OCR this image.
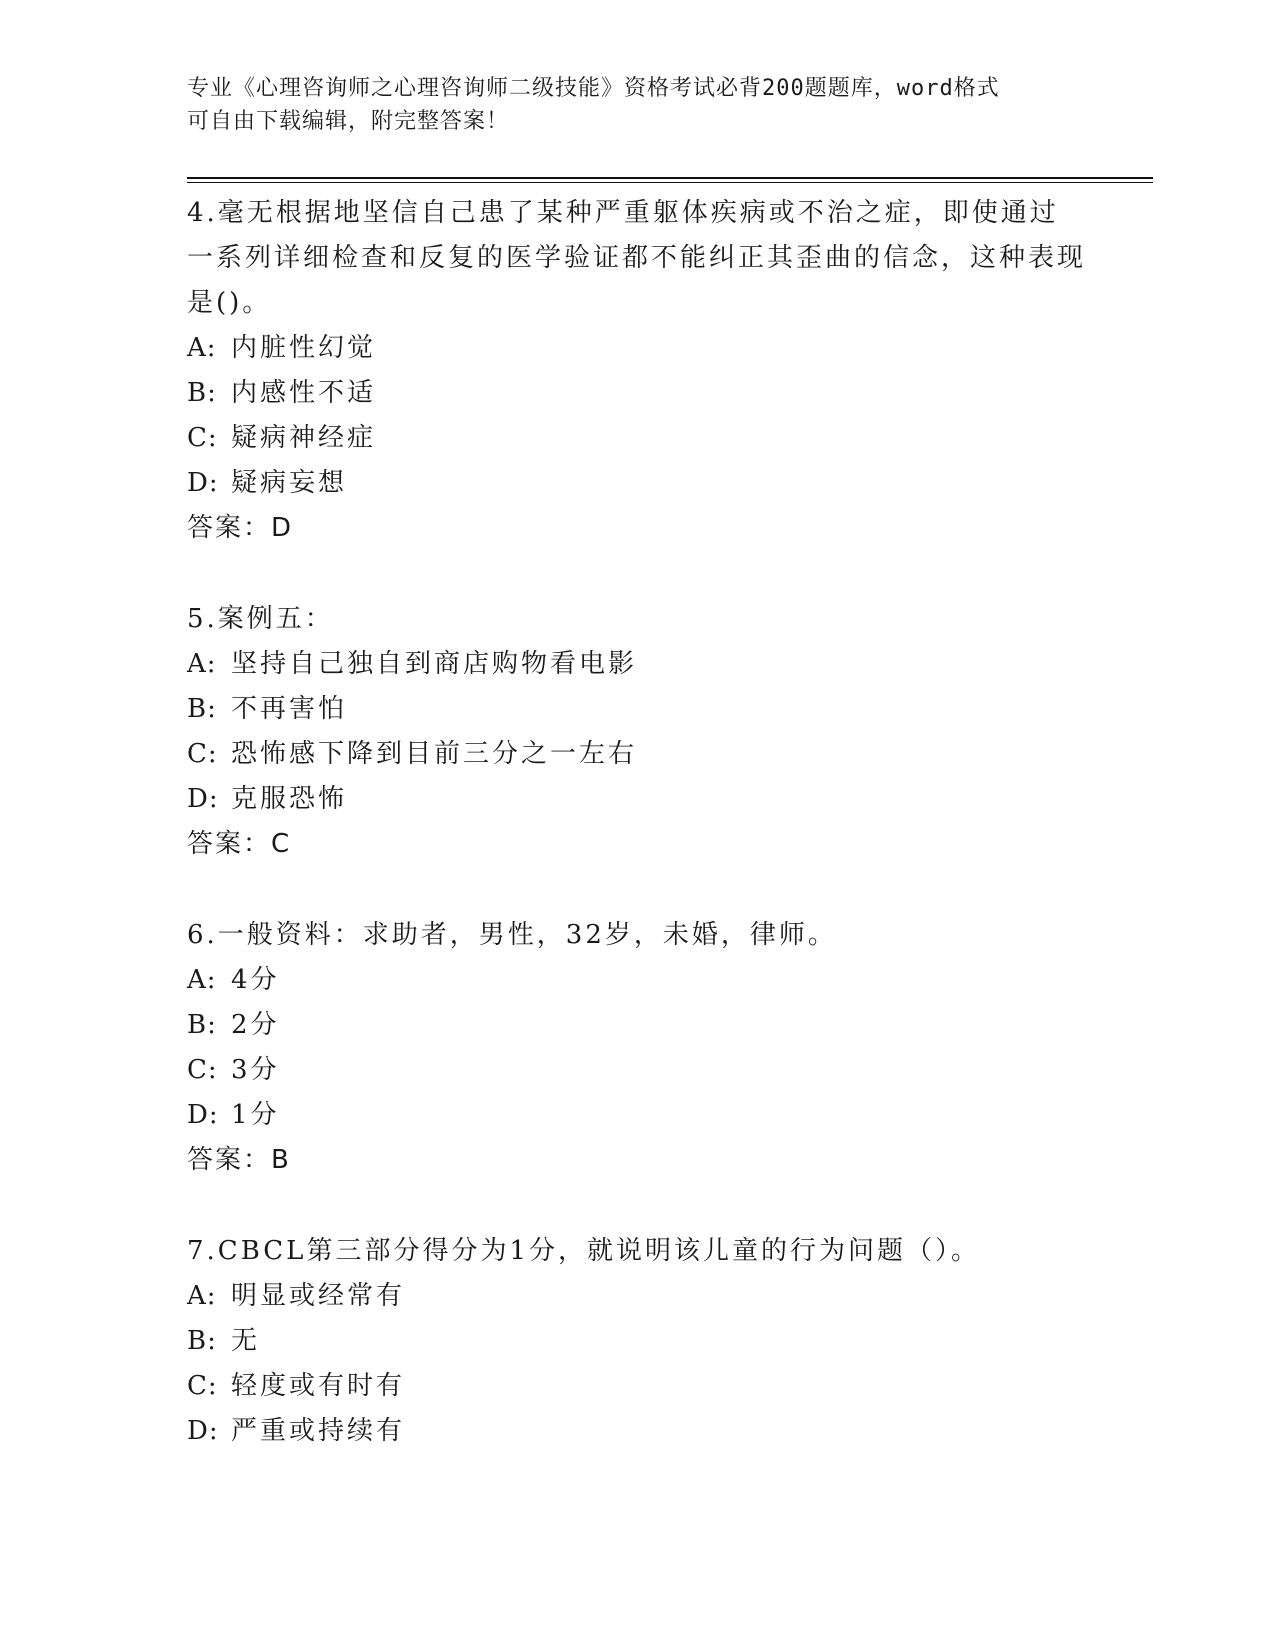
专业《心理咨询师之心理咨询师二级技能》资格考试必背200题题库，word格式
可自由下载编辑，附完整答案！

4.毫无根据地坚信自己患了某种严重躯体疾病或不治之症，即使通过一系列详细检查和反复的医学验证都不能纠正其歪曲的信念，这种表现是()。

A: 内脏性幻觉

B: 内感性不适

C: 疑病神经症

D: 疑病妄想

答案：D

5.案例五：

A: 坚持自己独自到商店购物看电影

B: 不再害怕

C: 恐怖感下降到目前三分之一左右

D: 克服恐怖

答案：C

6.一般资料：求助者，男性，32岁，未婚，律师。

A: 4分

B: 2分

C: 3分

D: 1分

答案：B

7.CBCL第三部分得分为1分，就说明该儿童的行为问题（）。

A: 明显或经常有

B: 无

C: 轻度或有时有

D: 严重或持续有
